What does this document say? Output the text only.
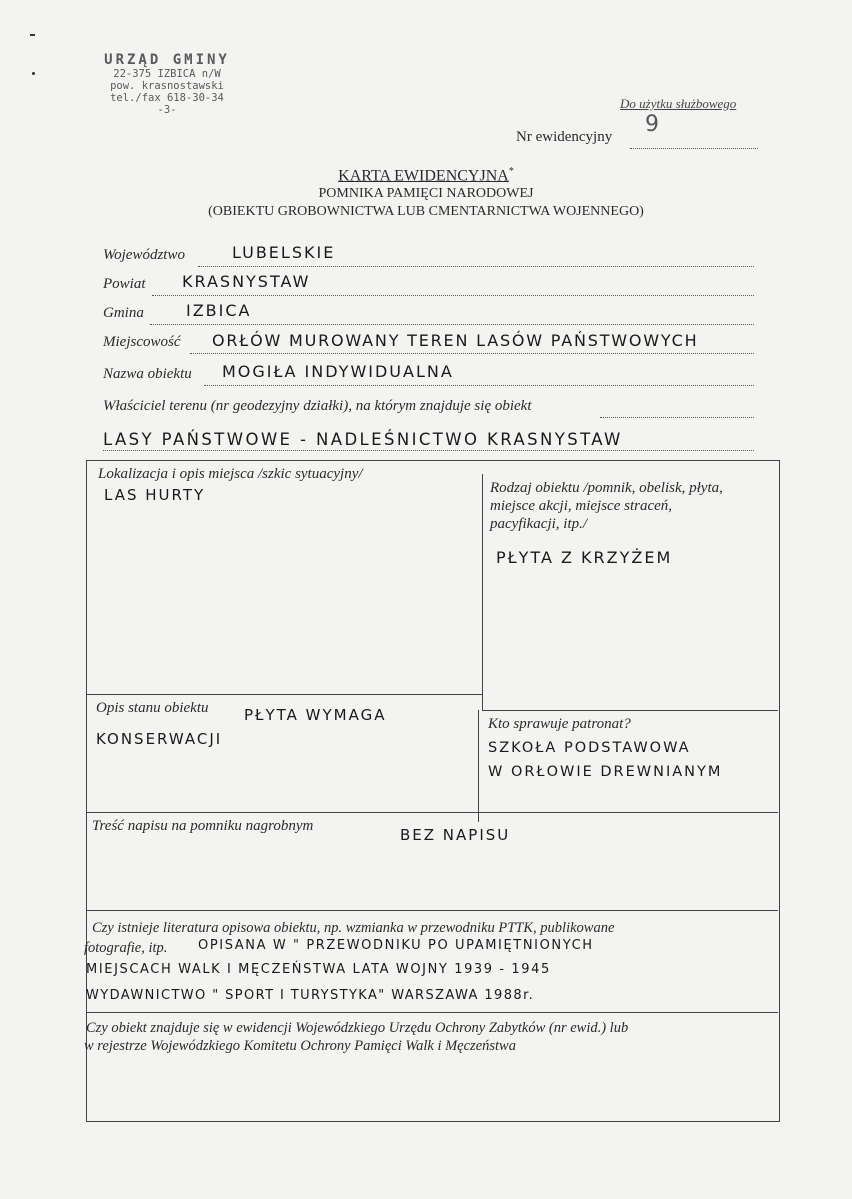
URZĄD GMINY
22-375 IZBICA n/W
pow. krasnostawski
tel./fax 618-30-34
-3-	Do użytku służbowego
Nr ewidencyjny 9
KARTA EWIDENCYJNA*
POMNIKA PAMIĘCI NARODOWEJ
(OBIEKTU GROBOWNICTWA LUB CMENTARNICTWA WOJENNEGO)
Województwo	LUBELSKIE
Powiat KRASNYSTAW
Gmina	IZBICA
Miejscowość ORŁÓW MUROWANY TEREN LASÓW PAŃSTWOWYCH
Nazwa obiektu MOGIŁA INDYWIDUALNA
Właściciel terenu (nr geodezyjny działki), na którym znajduje się obiekt
LASY PAŃSTWOWE - NADLEŚNICTWO KRASNYSTAW
Lokalizacja i opis miejsca /szkic sytuacyjny/
LAS HURTY	Rodzaj obiektu /pomnik, obelisk, płyta,
miejsce akcji, miejsce straceń,
pacyfikacji, itp./
PŁYTA Z KRZYŻEM
Opis stanu obiektu PŁYTA WYMAGA
KONSERWACJI
Kto sprawuje patronat?
SZKOŁA PODSTAWOWA
W ORŁOWIE DREWNIANYM
Treść napisu na pomniku nagrobnym	BEZ NAPISU
Czy istnieje literatura opisowa obiektu, np. wzmianka w przewodniku PTTK, publikowane
fotografie, itp. OPISANA W " PRZEWODNIKU PO UPAMIĘTNIONYCH
MIEJSCACH WALK I MĘCZEŃSTWA LATA WOJNY 1939 - 1945
WYDAWNICTWO " SPORT I TURYSTYKA" WARSZAWA 1988r.
Czy obiekt znajduje się w ewidencji Wojewódzkiego Urzędu Ochrony Zabytków (nr ewid.) lub
w rejestrze Wojewódzkiego Komitetu Ochrony Pamięci Walk i Męczeństwa
